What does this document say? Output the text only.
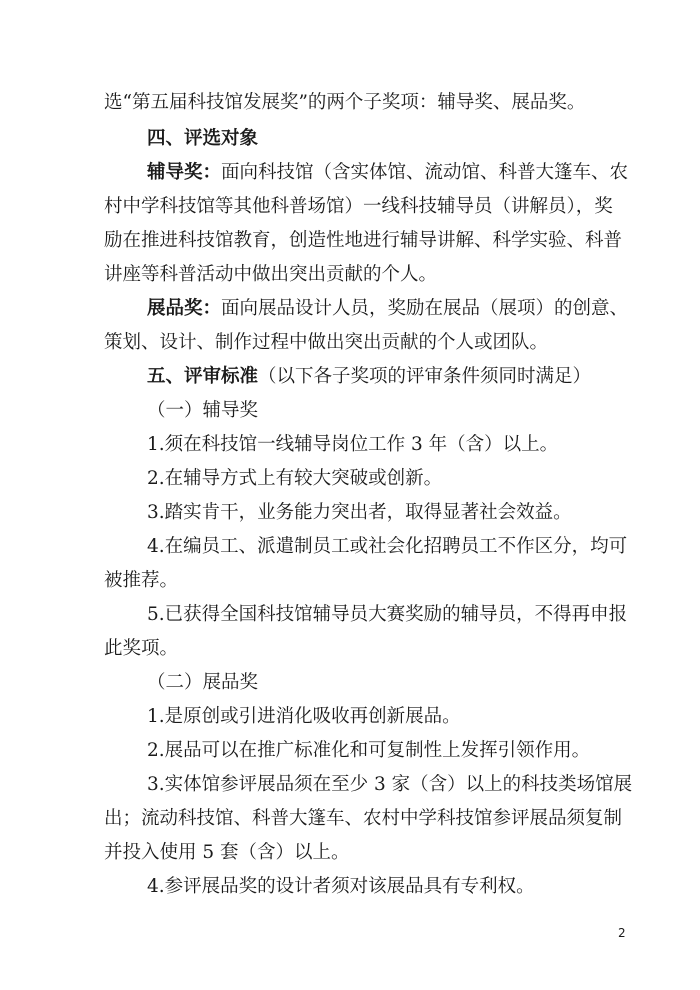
选“第五届科技馆发展奖”的两个子奖项：辅导奖、展品奖。
四、评选对象
辅导奖：面向科技馆（含实体馆、流动馆、科普大篷车、农
村中学科技馆等其他科普场馆）一线科技辅导员（讲解员），奖
励在推进科技馆教育，创造性地进行辅导讲解、科学实验、科普
讲座等科普活动中做出突出贡献的个人。
展品奖：面向展品设计人员，奖励在展品（展项）的创意、
策划、设计、制作过程中做出突出贡献的个人或团队。
五、评审标准（以下各子奖项的评审条件须同时满足）
（一）辅导奖
1.须在科技馆一线辅导岗位工作 3 年（含）以上。
2.在辅导方式上有较大突破或创新。
3.踏实肯干，业务能力突出者，取得显著社会效益。
4.在编员工、派遣制员工或社会化招聘员工不作区分，均可
被推荐。
5.已获得全国科技馆辅导员大赛奖励的辅导员，不得再申报
此奖项。
（二）展品奖
1.是原创或引进消化吸收再创新展品。
2.展品可以在推广标准化和可复制性上发挥引领作用。
3.实体馆参评展品须在至少 3 家（含）以上的科技类场馆展
出；流动科技馆、科普大篷车、农村中学科技馆参评展品须复制
并投入使用 5 套（含）以上。
4.参评展品奖的设计者须对该展品具有专利权。
2
